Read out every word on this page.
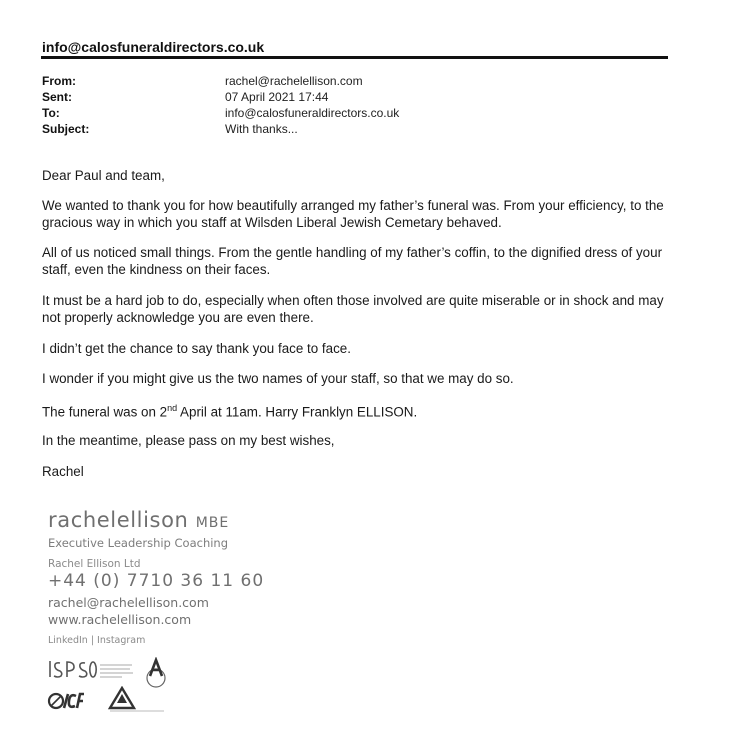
info@calosfuneraldirectors.co.uk
From:	rachel@rachelellison.com
Sent:	07 April 2021 17:44
To:	info@calosfuneraldirectors.co.uk
Subject:	With thanks...
Dear Paul and team,
We wanted to thank you for how beautifully arranged my father’s funeral was. From your efficiency, to the gracious way in which you staff at Wilsden Liberal Jewish Cemetary behaved.
All of us noticed small things. From the gentle handling of my father’s coffin, to the dignified dress of your staff, even the kindness on their faces.
It must be a hard job to do, especially when often those involved are quite miserable or in shock and may not properly acknowledge you are even there.
I didn’t get the chance to say thank you face to face.
I wonder if you might give us the two names of your staff, so that we may do so.
The funeral was on 2nd April at 11am. Harry Franklyn ELLISON.
In the meantime, please pass on my best wishes,
Rachel
rachelellison MBE
Executive Leadership Coaching
Rachel Ellison Ltd
+44 (0) 7710 36 11 60
rachel@rachelellison.com
www.rachelellison.com
LinkedIn | Instagram
